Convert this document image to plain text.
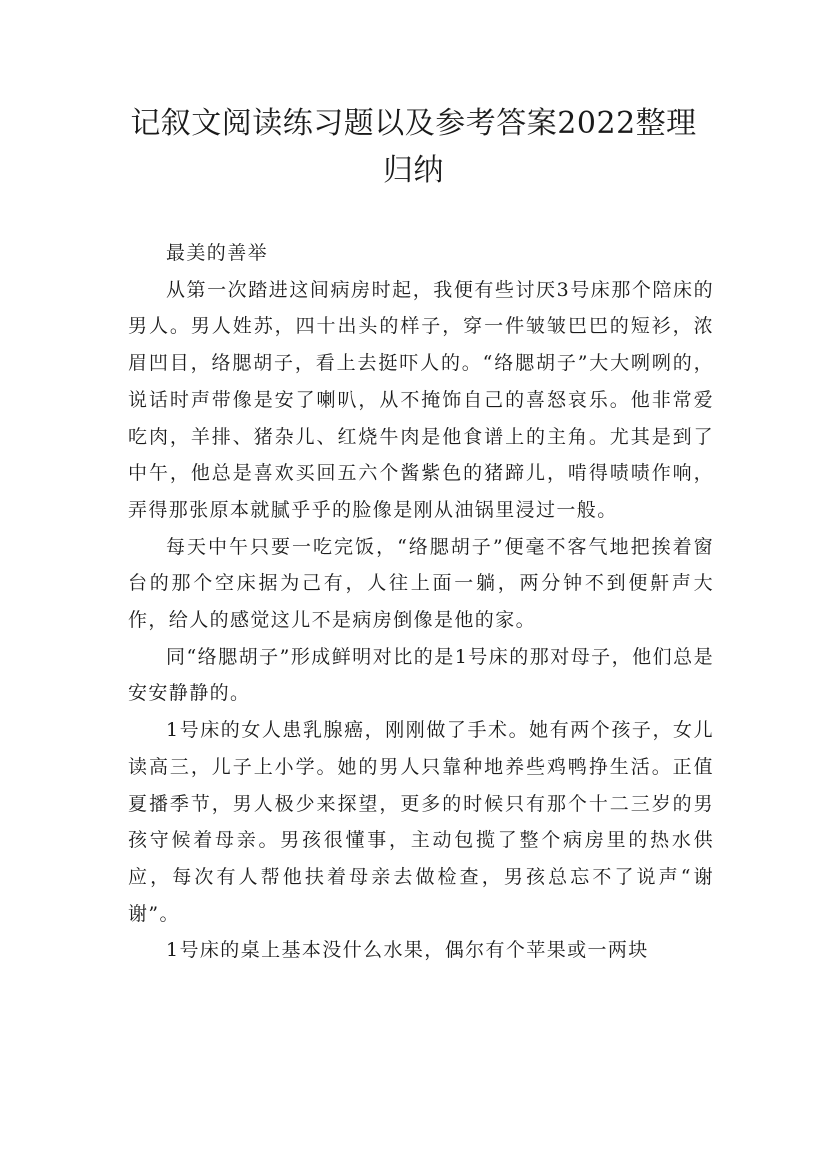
记叙文阅读练习题以及参考答案2022整理
归纳

最美的善举

从第一次踏进这间病房时起，我便有些讨厌3号床那个陪床的男人。男人姓苏，四十出头的样子，穿一件皱皱巴巴的短衫，浓眉凹目，络腮胡子，看上去挺吓人的。“络腮胡子”大大咧咧的，说话时声带像是安了喇叭，从不掩饰自己的喜怒哀乐。他非常爱吃肉，羊排、猪杂儿、红烧牛肉是他食谱上的主角。尤其是到了中午，他总是喜欢买回五六个酱紫色的猪蹄儿，啃得啧啧作响，弄得那张原本就腻乎乎的脸像是刚从油锅里浸过一般。

每天中午只要一吃完饭，“络腮胡子”便毫不客气地把挨着窗台的那个空床据为己有，人往上面一躺，两分钟不到便鼾声大作，给人的感觉这儿不是病房倒像是他的家。

同“络腮胡子”形成鲜明对比的是1号床的那对母子，他们总是安安静静的。

1号床的女人患乳腺癌，刚刚做了手术。她有两个孩子，女儿读高三，儿子上小学。她的男人只靠种地养些鸡鸭挣生活。正值夏播季节，男人极少来探望，更多的时候只有那个十二三岁的男孩守候着母亲。男孩很懂事，主动包揽了整个病房里的热水供应，每次有人帮他扶着母亲去做检查，男孩总忘不了说声“谢谢”。

1号床的桌上基本没什么水果，偶尔有个苹果或一两块
